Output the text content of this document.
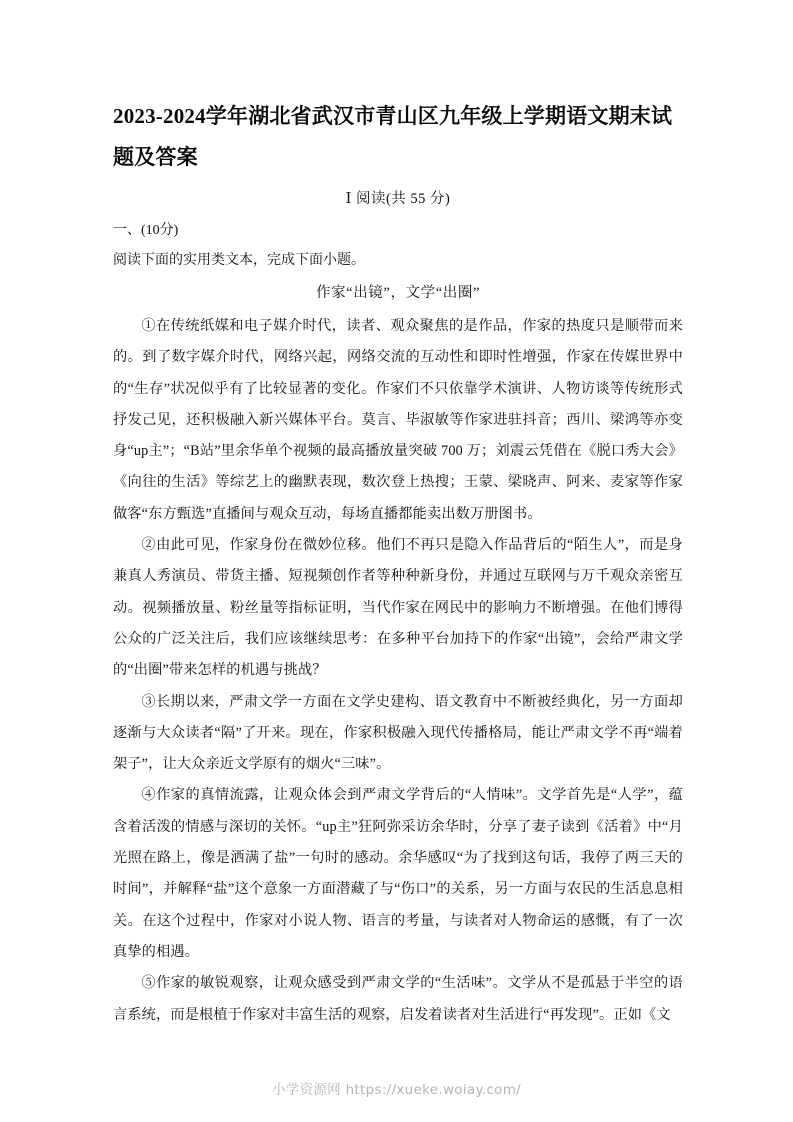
2023-2024学年湖北省武汉市青山区九年级上学期语文期末试题及答案
Ⅰ 阅读(共 55 分)
一、(10分)
阅读下面的实用类文本，完成下面小题。
作家“出镜”，文学“出圈”

①在传统纸媒和电子媒介时代，读者、观众聚焦的是作品，作家的热度只是顺带而来的。到了数字媒介时代，网络兴起，网络交流的互动性和即时性增强，作家在传媒世界中的“生存”状况似乎有了比较显著的变化。作家们不只依靠学术演讲、人物访谈等传统形式抒发己见，还积极融入新兴媒体平台。莫言、毕淑敏等作家进驻抖音；西川、梁鸿等亦变身“up主”；“B站”里余华单个视频的最高播放量突破 700 万；刘震云凭借在《脱口秀大会》《向往的生活》等综艺上的幽默表现，数次登上热搜；王蒙、梁晓声、阿来、麦家等作家做客“东方甄选”直播间与观众互动，每场直播都能卖出数万册图书。

②由此可见，作家身份在微妙位移。他们不再只是隐入作品背后的“陌生人”，而是身兼真人秀演员、带货主播、短视频创作者等种种新身份，并通过互联网与万千观众亲密互动。视频播放量、粉丝量等指标证明，当代作家在网民中的影响力不断增强。在他们博得公众的广泛关注后，我们应该继续思考：在多种平台加持下的作家“出镜”，会给严肃文学的“出圈”带来怎样的机遇与挑战？

③长期以来，严肃文学一方面在文学史建构、语文教育中不断被经典化，另一方面却逐渐与大众读者“隔”了开来。现在，作家积极融入现代传播格局，能让严肃文学不再“端着架子”，让大众亲近文学原有的烟火“三味”。

④作家的真情流露，让观众体会到严肃文学背后的“人情味”。文学首先是“人学”，蕴含着活泼的情感与深切的关怀。“up主”狂阿弥采访余华时，分享了妻子读到《活着》中“月光照在路上，像是洒满了盐”一句时的感动。余华感叹“为了找到这句话，我停了两三天的时间”，并解释“盐”这个意象一方面潜藏了与“伤口”的关系，另一方面与农民的生活息息相关。在这个过程中，作家对小说人物、语言的考量，与读者对人物命运的感慨，有了一次真挚的相遇。

⑤作家的敏锐观察，让观众感受到严肃文学的“生活味”。文学从不是孤悬于半空的语言系统，而是根植于作家对丰富生活的观察，启发着读者对生活进行“再发现”。正如《文

小学资源网 https://xueke.woiay.com/
